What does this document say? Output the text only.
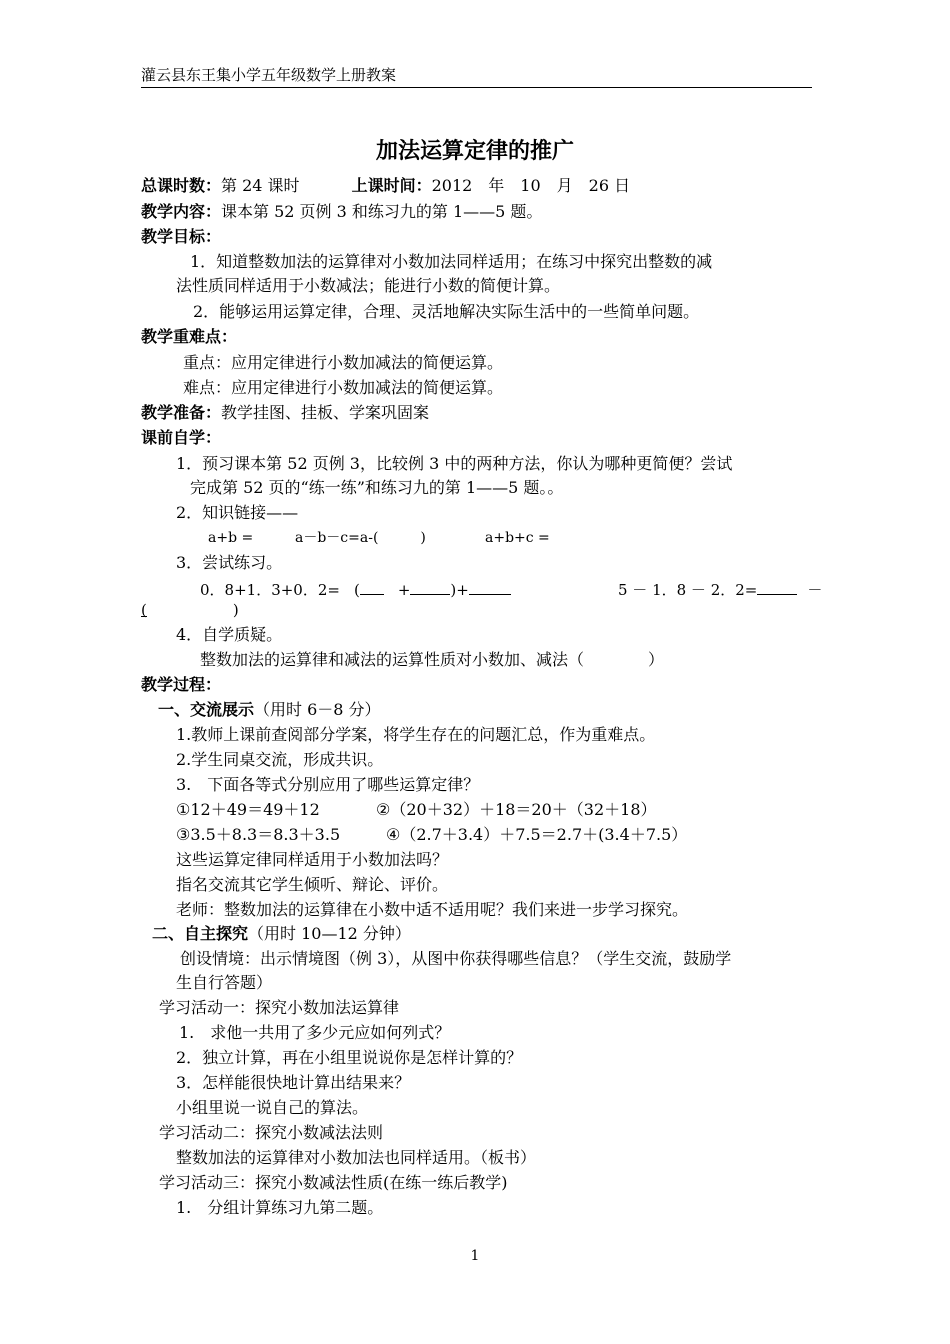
灌云县东王集小学五年级数学上册教案
加法运算定律的推广
总课时数：第 24 课时	上课时间：2012　年　10　月　26 日
教学内容：课本第 52 页例 3 和练习九的第 1——5 题。
教学目标：
1．知道整数加法的运算律对小数加法同样适用；在练习中探究出整数的减
法性质同样适用于小数减法；能进行小数的简便计算。
2．能够运用运算定律，合理、灵活地解决实际生活中的一些简单问题。
教学重难点：
重点：应用定律进行小数加减法的简便运算。
难点：应用定律进行小数加减法的简便运算。
教学准备：教学挂图、挂板、学案巩固案
课前自学：
1．预习课本第 52 页例 3，比较例 3 中的两种方法，你认为哪种更简便？尝试
完成第 52 页的“练一练”和练习九的第 1——5 题。。
2．知识链接——
a+b =	a－b－c=a-(　　　)	a+b+c =
3．尝试练习。
0．8+1．3+0．2= (	+	)+	5 － 1．8 － 2．2=	－
(	)
4．自学质疑。
整数加法的运算律和减法的运算性质对小数加、减法（　　　　）
教学过程：
一、交流展示（用时 6－8 分）
1.教师上课前查阅部分学案，将学生存在的问题汇总，作为重难点。
2.学生同桌交流，形成共识。
3.　下面各等式分别应用了哪些运算定律？
①12＋49＝49＋12	②（20＋32）＋18＝20＋（32＋18）
③3.5＋8.3＝8.3＋3.5	④（2.7＋3.4）＋7.5＝2.7＋(3.4＋7.5）
这些运算定律同样适用于小数加法吗？
指名交流其它学生倾听、辩论、评价。
老师：整数加法的运算律在小数中适不适用呢？我们来进一步学习探究。
二、自主探究（用时 10—12 分钟）
创设情境：出示情境图（例 3），从图中你获得哪些信息？（学生交流，鼓励学
生自行答题）
学习活动一：探究小数加法运算律
1.　求他一共用了多少元应如何列式？
2．独立计算，再在小组里说说你是怎样计算的？
3．怎样能很快地计算出结果来？
小组里说一说自己的算法。
学习活动二：探究小数减法法则
整数加法的运算律对小数加法也同样适用。（板书）
学习活动三：探究小数减法性质(在练一练后教学)
1.　分组计算练习九第二题。
1
